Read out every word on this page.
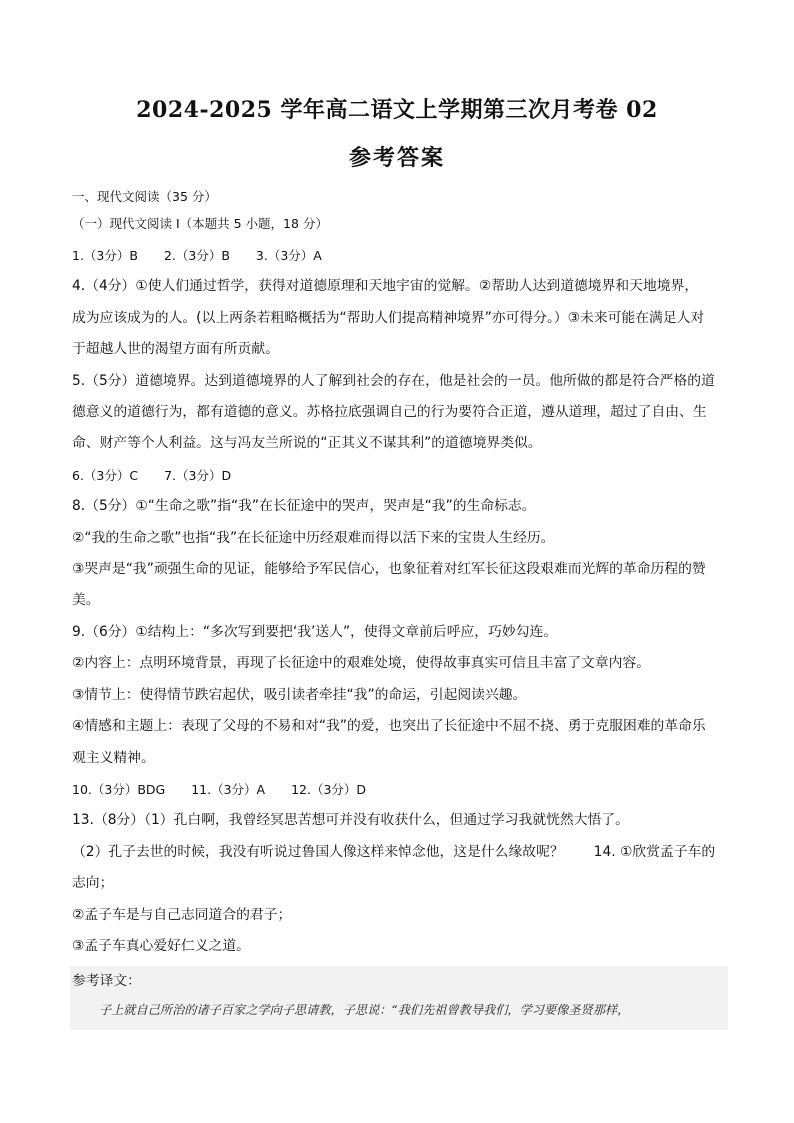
2024-2025 学年高二语文上学期第三次月考卷 02
参考答案
一、现代文阅读（35 分）
（一）现代文阅读 I（本题共 5 小题，18 分）

1.（3分）B 2.（3分）B 3.（3分）A

4.（4分）①使人们通过哲学，获得对道德原理和天地宇宙的觉解。②帮助人达到道德境界和天地境界，

成为应该成为的人。(以上两条若粗略概括为“帮助人们提高精神境界”亦可得分。）③未来可能在满足人对

于超越人世的渴望方面有所贡献。

5.（5分）道德境界。达到道德境界的人了解到社会的存在，他是社会的一员。他所做的都是符合严格的道

德意义的道德行为，都有道德的意义。苏格拉底强调自己的行为要符合正道，遵从道理，超过了自由、生

命、财产等个人利益。这与冯友兰所说的“正其义不谋其利”的道德境界类似。

6.（3分）C 7.（3分）D

8.（5分）①“生命之歌”指“我”在长征途中的哭声，哭声是“我”的生命标志。

②“我的生命之歌”也指“我”在长征途中历经艰难而得以活下来的宝贵人生经历。

③哭声是“我”顽强生命的见证，能够给予军民信心，也象征着对红军长征这段艰难而光辉的革命历程的赞

美。

9.（6分）①结构上：“多次写到要把‘我’送人”，使得文章前后呼应，巧妙勾连。

②内容上：点明环境背景，再现了长征途中的艰难处境，使得故事真实可信且丰富了文章内容。

③情节上：使得情节跌宕起伏，吸引读者牵挂“我”的命运，引起阅读兴趣。

④情感和主题上：表现了父母的不易和对“我”的爱，也突出了长征途中不屈不挠、勇于克服困难的革命乐

观主义精神。

10.（3分）BDG 11.（3分）A 12.（3分）D

13.（8分）（1）孔白啊，我曾经冥思苦想可并没有收获什么，但通过学习我就恍然大悟了。

（2）孔子去世的时候，我没有听说过鲁国人像这样来悼念他，这是什么缘故呢？ 14. ①欣赏孟子车的

志向；

②孟子车是与自己志同道合的君子；

③孟子车真心爱好仁义之道。

参考译文：
子上就自己所治的诸子百家之学向子思请教，子思说：“我们先祖曾教导我们，学习要像圣贤那样，
